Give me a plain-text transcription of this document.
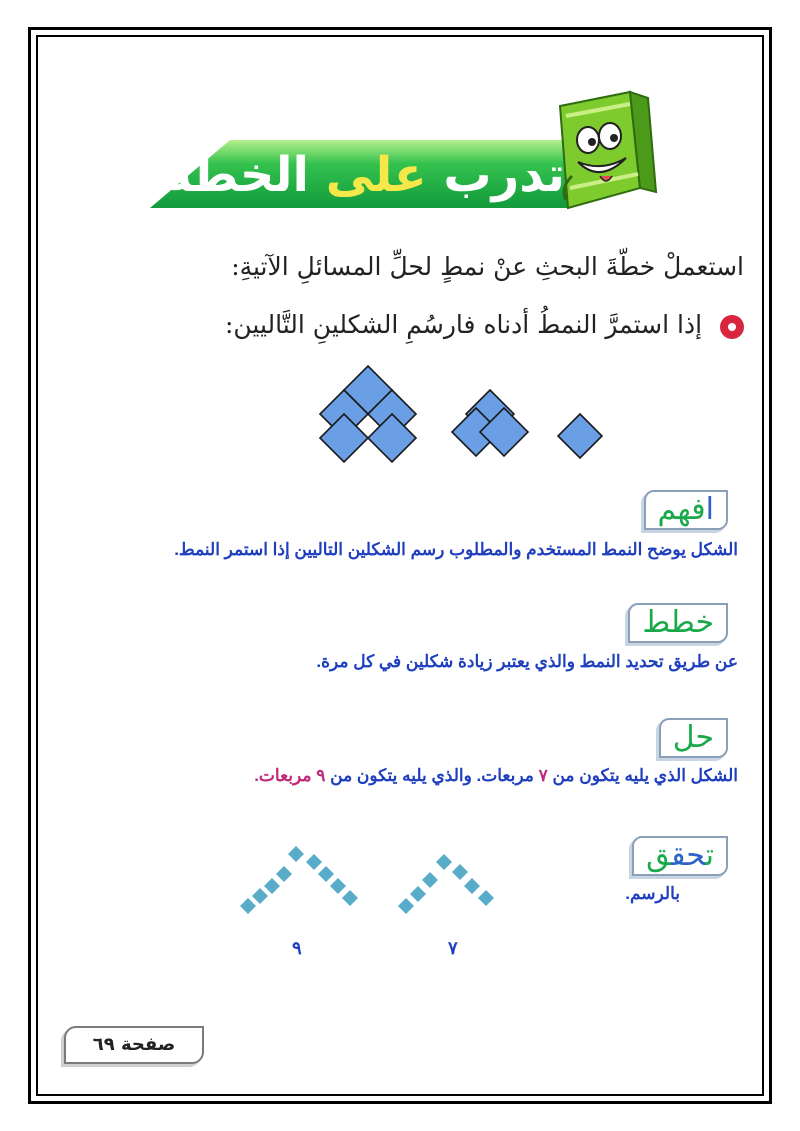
تدرب على الخطة:
استعملْ خطّةَ البحثِ عنْ نمطٍ لحلِّ المسائلِ الآتيةِ:
إذا استمرَّ النمطُ أدناه فارسُمِ الشكلينِ التَّاليين:
افهم
الشكل يوضح النمط المستخدم والمطلوب رسم الشكلين التاليين إذا استمر النمط.
خطط
عن طريق تحديد النمط والذي يعتبر زيادة شكلين في كل مرة.
حل
الشكل الذي يليه يتكون من ٧ مربعات. والذي يليه يتكون من ٩ مربعات.
تحقق
بالرسم.
٩	٧
صفحة ٦٩
